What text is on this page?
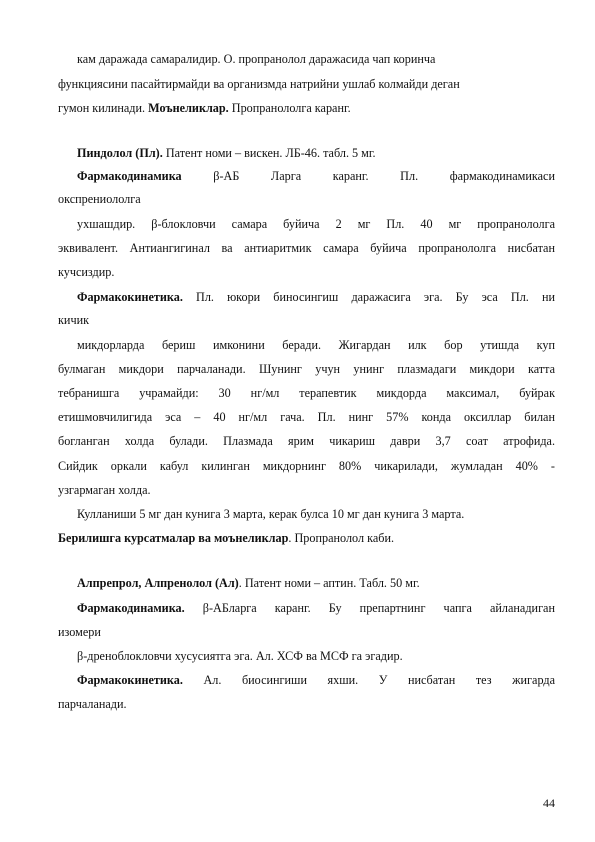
кам даражада самаралидир. О. пропранолол даражасида чап коринча
функциясини пасайтирмайди ва организмда натрийни ушлаб колмайди деган
гумон килинади. Моънеликлар. Пропранололга каранг.
Пиндолол (Пл). Патент номи – вискен. ЛБ-46. табл. 5 мг.
Фармакодинамика β-АБ Ларга каранг. Пл. фармакодинамикаси
окспрениололга
ухшашдир. β-блокловчи самара буйича 2 мг Пл. 40 мг пропранололга
эквивалент. Антиангигинал ва антиаритмик самара буйича пропранололга нисбатан
кучсиздир.
Фармакокинетика. Пл. юкори биносингиш даражасига эга. Бу эса Пл. ни
кичик
микдорларда бериш имконини беради. Жигардан илк бор утишда куп
булмаган микдори парчаланади. Шунинг учун унинг плазмадаги микдори катта
тебранишга учрамайди: 30 нг/мл терапевтик микдорда максимал, буйрак
етишмовчилигида эса – 40 нг/мл гача. Пл. нинг 57% конда оксиллар билан
богланган холда булади. Плазмада ярим чикариш даври 3,7 соат атрофида.
Сийдик оркали кабул килинган микдорнинг 80% чикарилади, жумладан 40% -
узгармаган холда.
Кулланиши 5 мг дан кунига 3 марта, керак булса 10 мг дан кунига 3 марта.
Берилишга курсатмалар ва моънеликлар. Пропранолол каби.
Алпрепрол, Алпренолол (Ал). Патент номи – аптин. Табл. 50 мг.
Фармакодинамика. β-АБларга каранг. Бу препартнинг чапга айланадиган
изомери
β-дреноблокловчи хусусиятга эга. Ал. ХСФ ва МСФ га эгадир.
Фармакокинетика. Ал. биосингиши яхши. У нисбатан тез жигарда
парчаланади.
44
